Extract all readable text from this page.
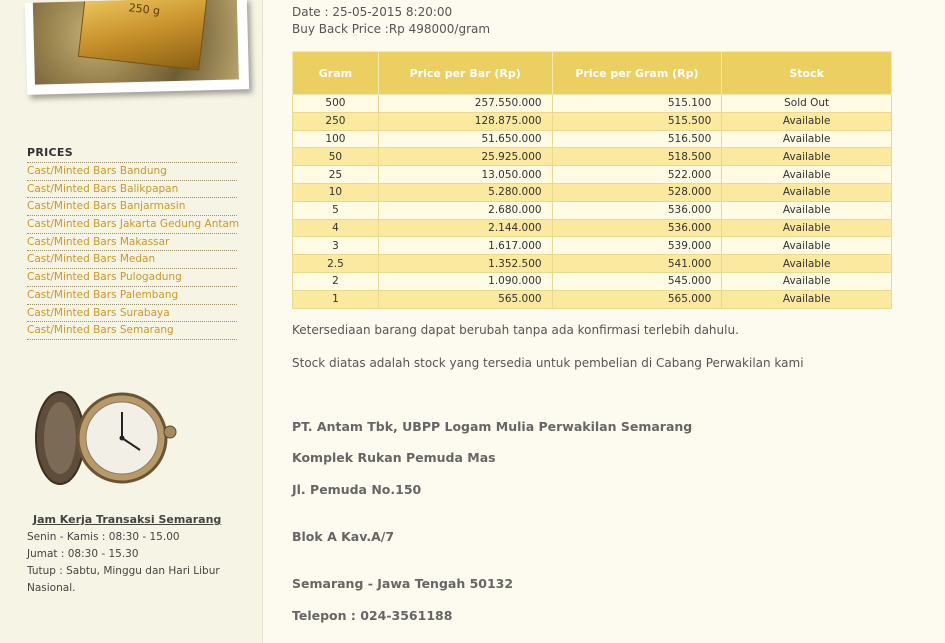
250 g
PRICES
Cast/Minted Bars Bandung
Cast/Minted Bars Balikpapan
Cast/Minted Bars Banjarmasin
Cast/Minted Bars Jakarta Gedung Antam
Cast/Minted Bars Makassar
Cast/Minted Bars Medan
Cast/Minted Bars Pulogadung
Cast/Minted Bars Palembang
Cast/Minted Bars Surabaya
Cast/Minted Bars Semarang
Jam Kerja Transaksi Semarang
Senin - Kamis : 08:30 - 15.00
Jumat : 08:30 - 15.30
Tutup : Sabtu, Minggu dan Hari Libur
Nasional.
Date : 25-05-2015 8:20:00
Buy Back Price :Rp 498000/gram
Gram	Price per Bar (Rp)	Price per Gram (Rp)	Stock
500	257.550.000	515.100	Sold Out
250	128.875.000	515.500	Available
100	51.650.000	516.500	Available
50	25.925.000	518.500	Available
25	13.050.000	522.000	Available
10	5.280.000	528.000	Available
5	2.680.000	536.000	Available
4	2.144.000	536.000	Available
3	1.617.000	539.000	Available
2.5	1.352.500	541.000	Available
2	1.090.000	545.000	Available
1	565.000	565.000	Available
Ketersediaan barang dapat berubah tanpa ada konfirmasi terlebih dahulu.
Stock diatas adalah stock yang tersedia untuk pembelian di Cabang Perwakilan kami
PT. Antam Tbk, UBPP Logam Mulia Perwakilan Semarang
Komplek Rukan Pemuda Mas
Jl. Pemuda No.150
Blok A Kav.A/7
Semarang - Jawa Tengah 50132
Telepon : 024-3561188
